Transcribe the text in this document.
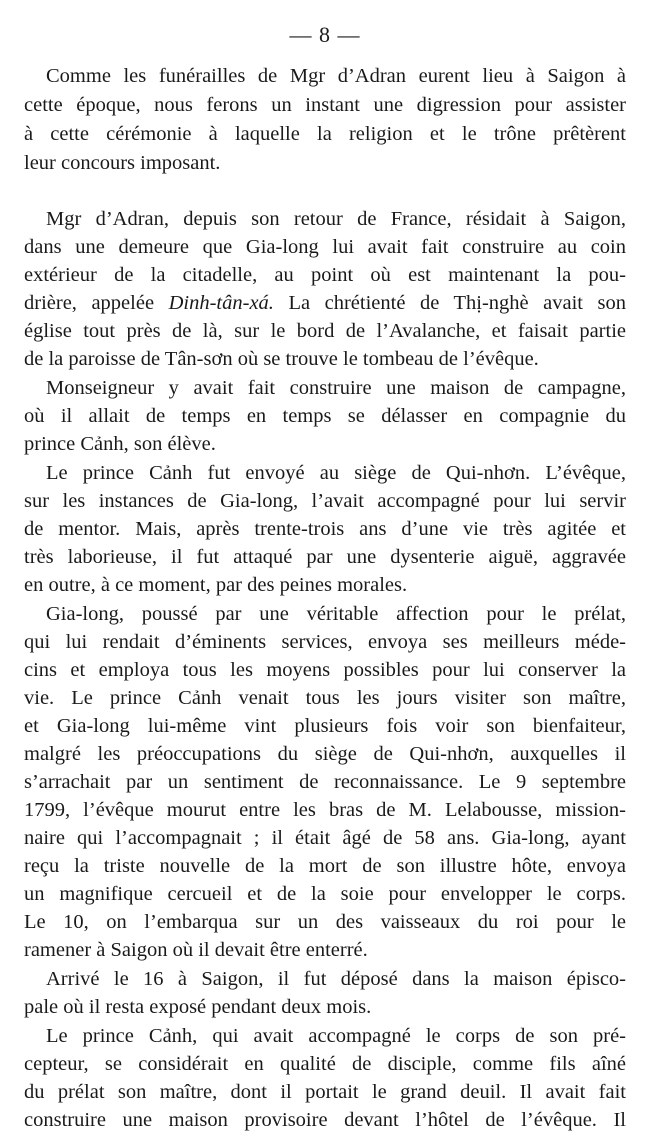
— 8 —
Comme les funérailles de Mgr d’Adran eurent lieu à Saigon à
cette époque, nous ferons un instant une digression pour assister
à cette cérémonie à laquelle la religion et le trône prêtèrent
leur concours imposant.
Mgr d’Adran, depuis son retour de France, résidait à Saigon,
dans une demeure que Gia-long lui avait fait construire au coin
extérieur de la citadelle, au point où est maintenant la pou-
drière, appelée Dinh-tân-xá. La chrétienté de Thị-nghè avait son
église tout près de là, sur le bord de l’Avalanche, et faisait partie
de la paroisse de Tân-sơn où se trouve le tombeau de l’évêque.
Monseigneur y avait fait construire une maison de campagne,
où il allait de temps en temps se délasser en compagnie du
prince Cảnh, son élève.
Le prince Cảnh fut envoyé au siège de Qui-nhơn. L’évêque,
sur les instances de Gia-long, l’avait accompagné pour lui servir
de mentor. Mais, après trente-trois ans d’une vie très agitée et
très laborieuse, il fut attaqué par une dysenterie aiguë, aggravée
en outre, à ce moment, par des peines morales.
Gia-long, poussé par une véritable affection pour le prélat,
qui lui rendait d’éminents services, envoya ses meilleurs méde-
cins et employa tous les moyens possibles pour lui conserver la
vie. Le prince Cảnh venait tous les jours visiter son maître,
et Gia-long lui-même vint plusieurs fois voir son bienfaiteur,
malgré les préoccupations du siège de Qui-nhơn, auxquelles il
s’arrachait par un sentiment de reconnaissance. Le 9 septembre
1799, l’évêque mourut entre les bras de M. Lelabousse, mission-
naire qui l’accompagnait ; il était âgé de 58 ans. Gia-long, ayant
reçu la triste nouvelle de la mort de son illustre hôte, envoya
un magnifique cercueil et de la soie pour envelopper le corps.
Le 10, on l’embarqua sur un des vaisseaux du roi pour le
ramener à Saigon où il devait être enterré.
Arrivé le 16 à Saigon, il fut déposé dans la maison épisco-
pale où il resta exposé pendant deux mois.
Le prince Cảnh, qui avait accompagné le corps de son pré-
cepteur, se considérait en qualité de disciple, comme fils aîné
du prélat son maître, dont il portait le grand deuil. Il avait fait
construire une maison provisoire devant l’hôtel de l’évêque. Il
